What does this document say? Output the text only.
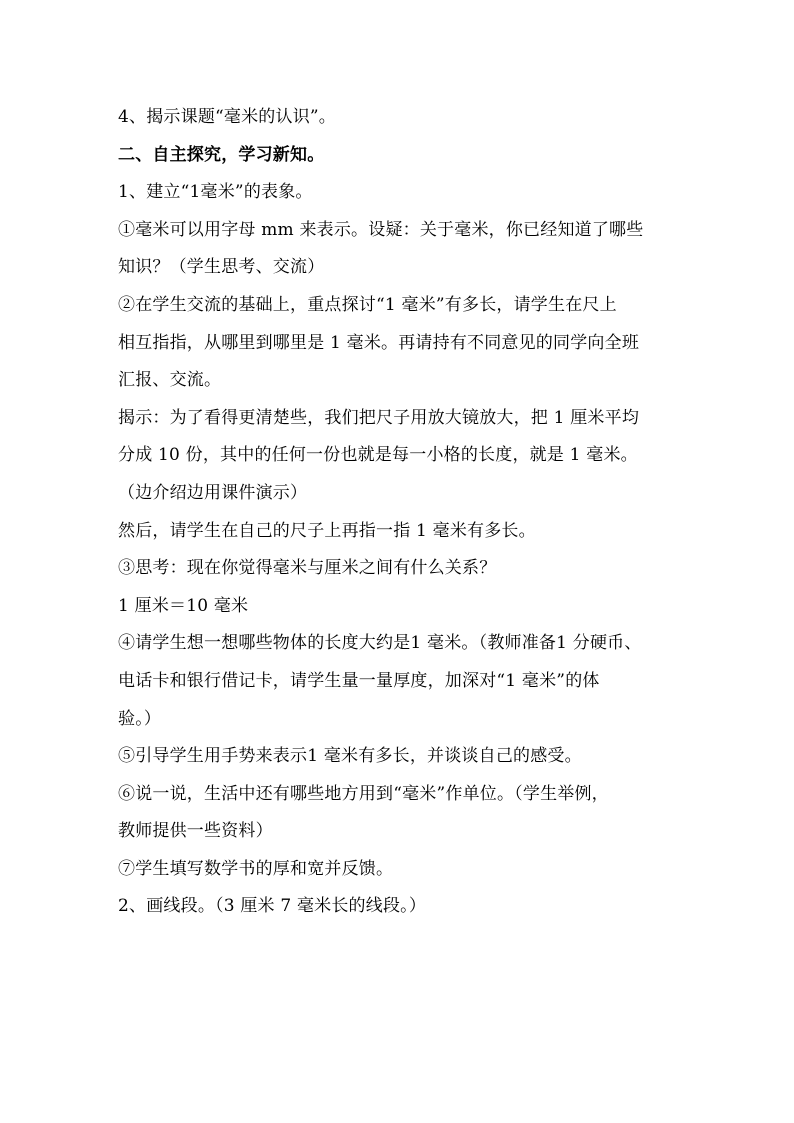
4、揭示课题“毫米的认识”。
二、自主探究，学习新知。
1、建立“1毫米”的表象。
①毫米可以用字母 mm 来表示。设疑：关于毫米，你已经知道了哪些
知识？（学生思考、交流）
②在学生交流的基础上，重点探讨“1 毫米”有多长，请学生在尺上
相互指指，从哪里到哪里是 1 毫米。再请持有不同意见的同学向全班
汇报、交流。
揭示：为了看得更清楚些，我们把尺子用放大镜放大，把 1 厘米平均
分成 10 份，其中的任何一份也就是每一小格的长度，就是 1 毫米。
（边介绍边用课件演示）
然后，请学生在自己的尺子上再指一指 1 毫米有多长。
③思考：现在你觉得毫米与厘米之间有什么关系？
1 厘米＝10 毫米
④请学生想一想哪些物体的长度大约是1 毫米。（教师准备1 分硬币、
电话卡和银行借记卡，请学生量一量厚度，加深对“1 毫米”的体
验。）
⑤引导学生用手势来表示1 毫米有多长，并谈谈自己的感受。
⑥说一说，生活中还有哪些地方用到“毫米”作单位。（学生举例，
教师提供一些资料）
⑦学生填写数学书的厚和宽并反馈。
2、画线段。（3 厘米 7 毫米长的线段。）
